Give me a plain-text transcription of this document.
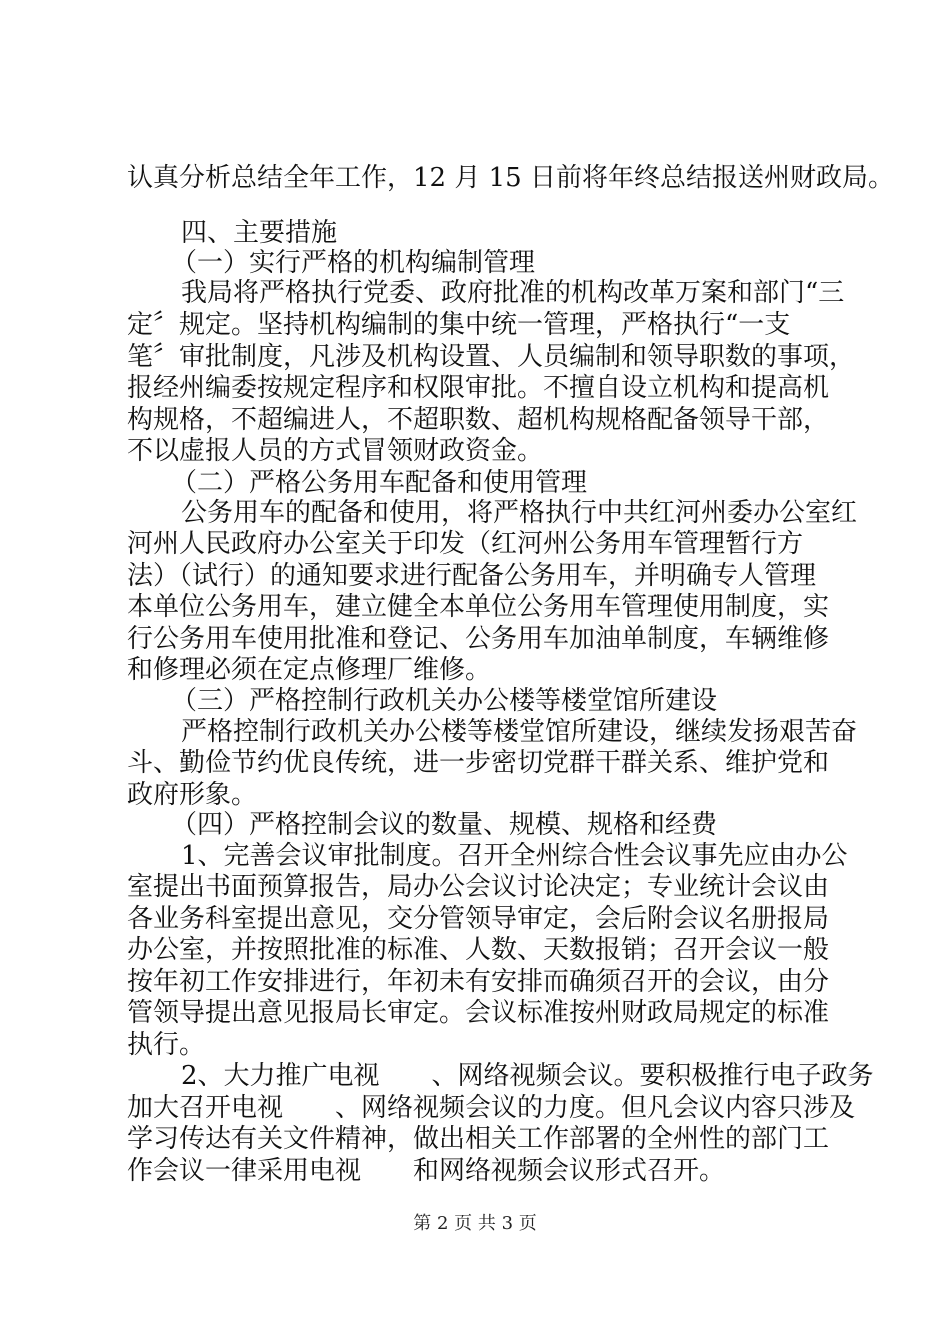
认真分析总结全年工作，12 月 15 日前将年终总结报送州财政局。
四、主要措施
（一）实行严格的机构编制管理
我局将严格执行党委、政府批准的机构改革万案和部门“三
定〞规定。坚持机构编制的集中统一管理，严格执行“一支
笔〞审批制度，凡涉及机构设置、人员编制和领导职数的事项，
报经州编委按规定程序和权限审批。不擅自设立机构和提高机
构规格，不超编进人，不超职数、超机构规格配备领导干部，
不以虚报人员的方式冒领财政资金。
（二）严格公务用车配备和使用管理
公务用车的配备和使用，将严格执行中共红河州委办公室红
河州人民政府办公室关于印发（红河州公务用车管理暂行方
法）（试行）的通知要求进行配备公务用车，并明确专人管理
本单位公务用车，建立健全本单位公务用车管理使用制度，实
行公务用车使用批准和登记、公务用车加油单制度，车辆维修
和修理必须在定点修理厂维修。
（三）严格控制行政机关办公楼等楼堂馆所建设
严格控制行政机关办公楼等楼堂馆所建设，继续发扬艰苦奋
斗、勤俭节约优良传统，进一步密切党群干群关系、维护党和
政府形象。
（四）严格控制会议的数量、规模、规格和经费
1、完善会议审批制度。召开全州综合性会议事先应由办公
室提出书面预算报告，局办公会议讨论决定；专业统计会议由
各业务科室提出意见，交分管领导审定，会后附会议名册报局
办公室，并按照批准的标准、人数、天数报销；召开会议一般
按年初工作安排进行，年初未有安排而确须召开的会议，由分
管领导提出意见报局长审定。会议标准按州财政局规定的标准
执行。
2、大力推广电视　　、网络视频会议。要积极推行电子政务
加大召开电视　　、网络视频会议的力度。但凡会议内容只涉及
学习传达有关文件精神，做出相关工作部署的全州性的部门工
作会议一律采用电视　　和网络视频会议形式召开。
第 2 页 共 3 页
